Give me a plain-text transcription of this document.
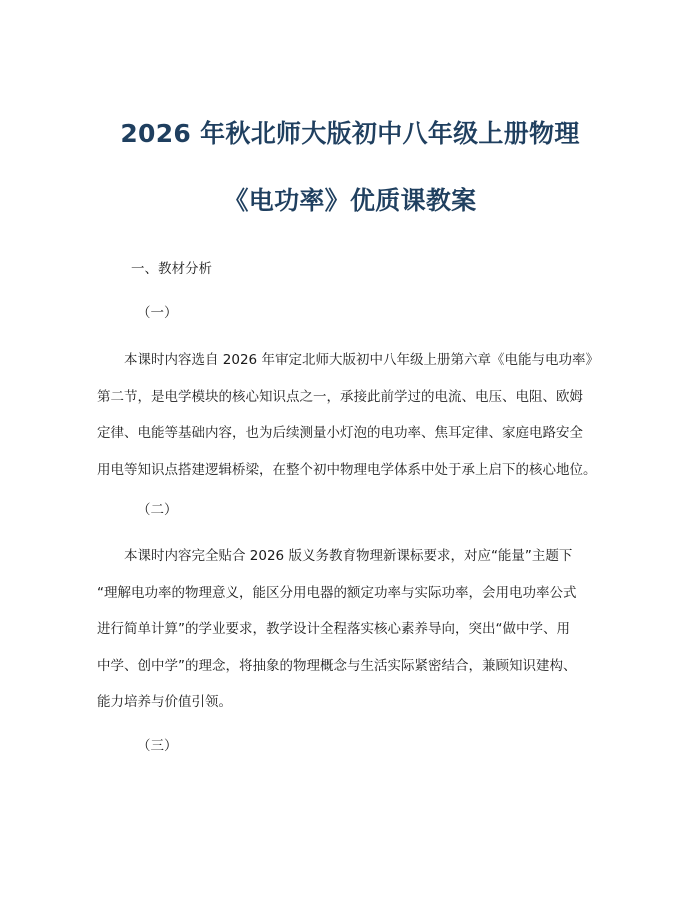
2026 年秋北师大版初中八年级上册物理
《电功率》优质课教案
一、教材分析
（一）
本课时内容选自 2026 年审定北师大版初中八年级上册第六章《电能与电功率》
第二节，是电学模块的核心知识点之一，承接此前学过的电流、电压、电阻、欧姆
定律、电能等基础内容，也为后续测量小灯泡的电功率、焦耳定律、家庭电路安全
用电等知识点搭建逻辑桥梁，在整个初中物理电学体系中处于承上启下的核心地位。
（二）
本课时内容完全贴合 2026 版义务教育物理新课标要求，对应“能量”主题下
“理解电功率的物理意义，能区分用电器的额定功率与实际功率，会用电功率公式
进行简单计算”的学业要求，教学设计全程落实核心素养导向，突出“做中学、用
中学、创中学”的理念，将抽象的物理概念与生活实际紧密结合，兼顾知识建构、
能力培养与价值引领。
（三）
